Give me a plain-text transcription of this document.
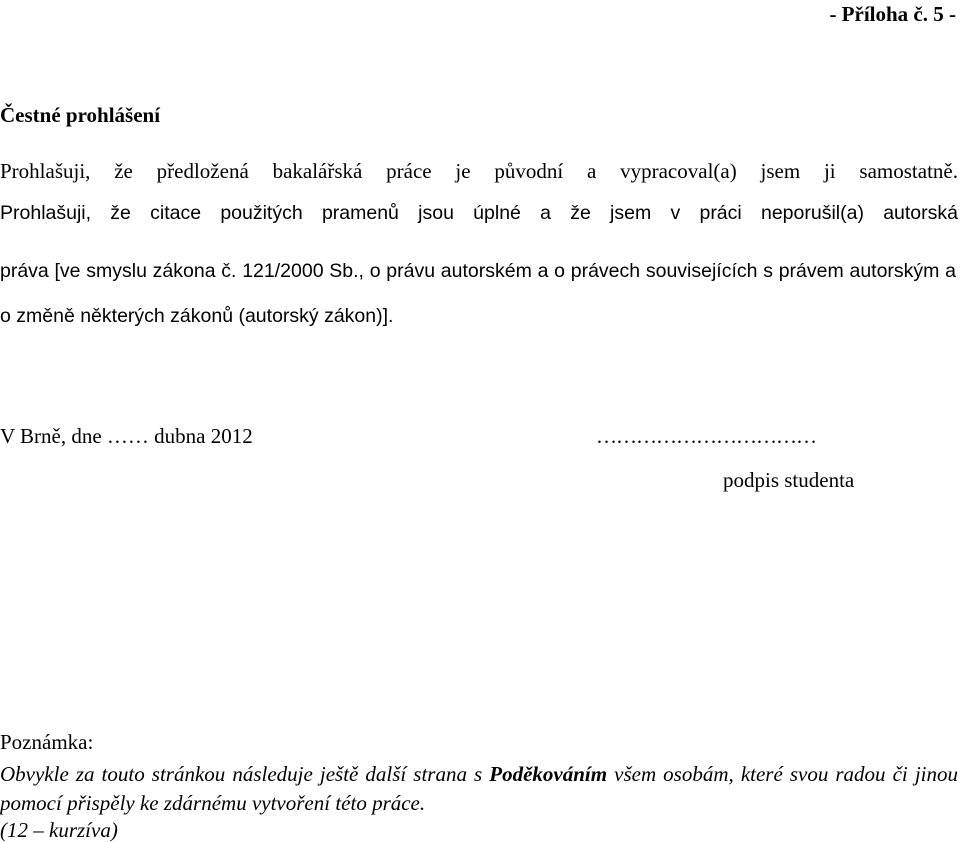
- Příloha č. 5 -
Čestné prohlášení
Prohlašuji, že předložená bakalářská práce je původní a vypracoval(a) jsem ji samostatně.
Prohlašuji, že citace použitých pramenů jsou úplné a že jsem v práci neporušil(a) autorská
práva [ve smyslu zákona č. 121/2000 Sb., o právu autorském a o právech souvisejících s právem autorským a o změně některých zákonů (autorský zákon)].
V Brně, dne …… dubna 2012	……………………………
podpis studenta
Poznámka:
Obvykle za touto stránkou následuje ještě další strana s Poděkováním všem osobám, které svou radou či jinou pomocí přispěly ke zdárnému vytvoření této práce.
(12 – kurzíva)
